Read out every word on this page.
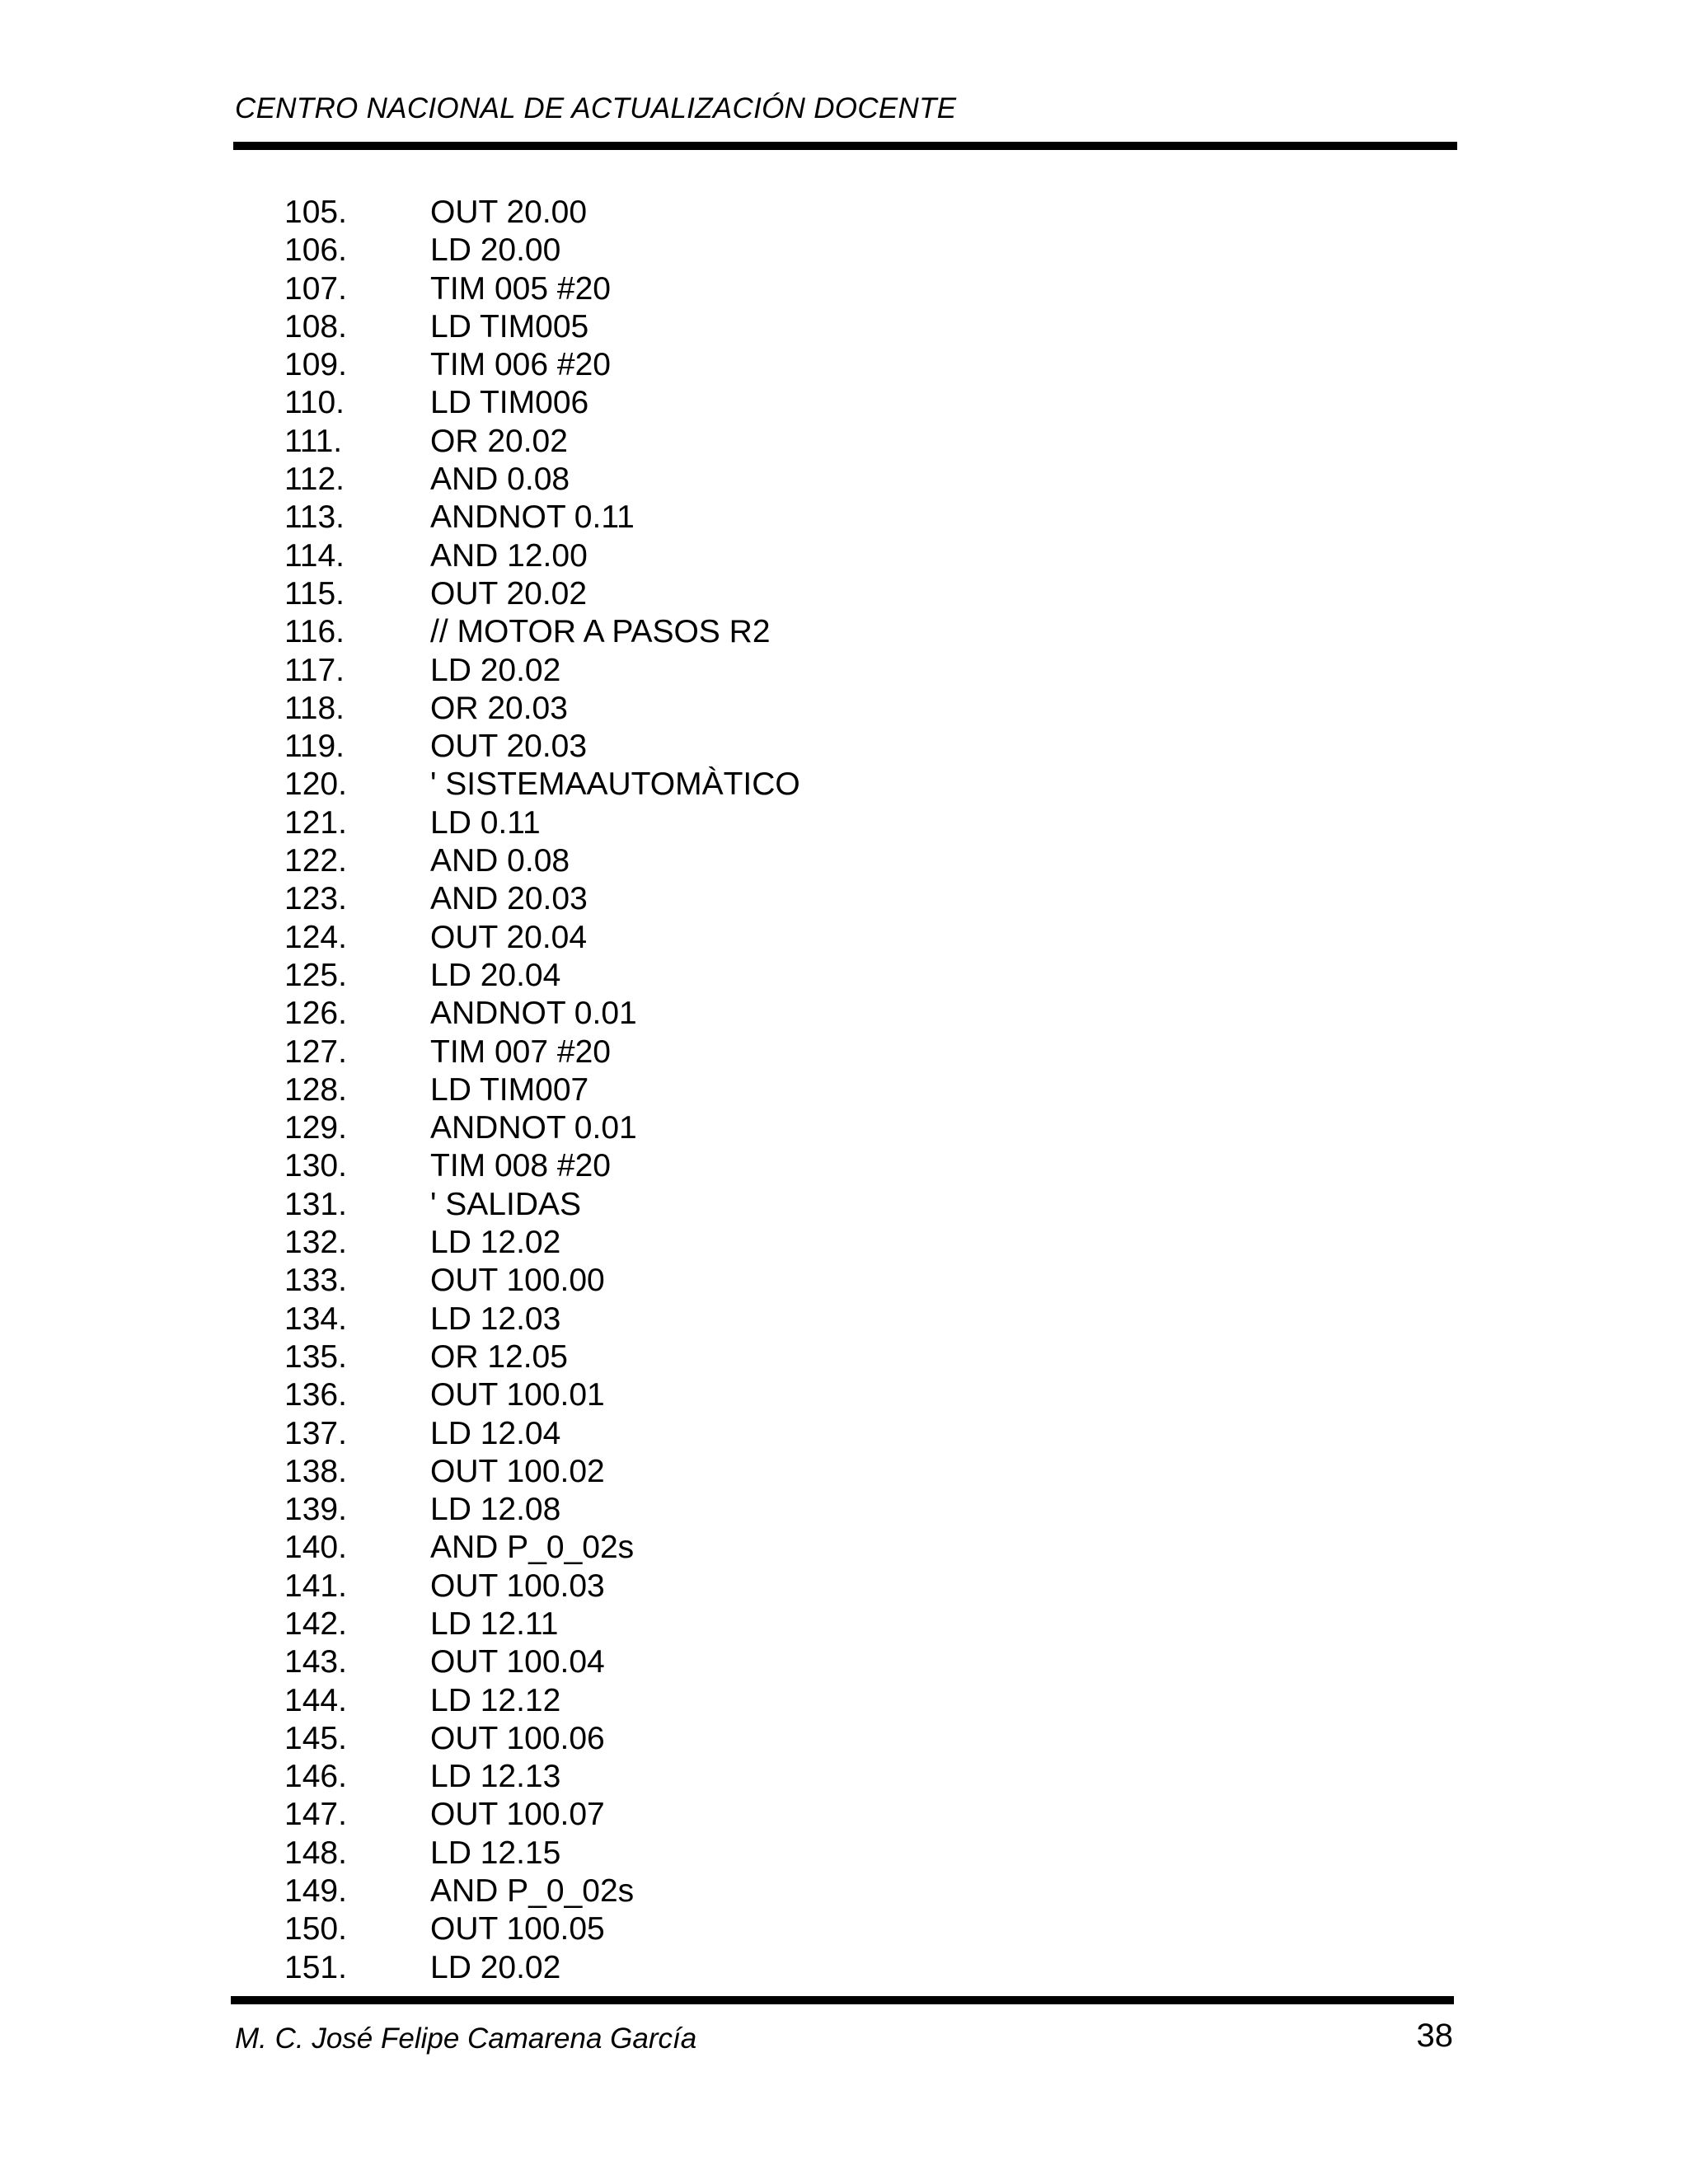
CENTRO NACIONAL DE ACTUALIZACIÓN DOCENTE
105.	OUT 20.00
106.	LD 20.00
107.	TIM 005 #20
108.	LD TIM005
109.	TIM 006 #20
110.	LD TIM006
111.	OR 20.02
112.	AND 0.08
113.	ANDNOT 0.11
114.	AND 12.00
115.	OUT 20.02
116.	// MOTOR A PASOS R2
117.	LD 20.02
118.	OR 20.03
119.	OUT 20.03
120.	' SISTEMAAUTOMÀTICO
121.	LD 0.11
122.	AND 0.08
123.	AND 20.03
124.	OUT 20.04
125.	LD 20.04
126.	ANDNOT 0.01
127.	TIM 007 #20
128.	LD TIM007
129.	ANDNOT 0.01
130.	TIM 008 #20
131.	' SALIDAS
132.	LD 12.02
133.	OUT 100.00
134.	LD 12.03
135.	OR 12.05
136.	OUT 100.01
137.	LD 12.04
138.	OUT 100.02
139.	LD 12.08
140.	AND P_0_02s
141.	OUT 100.03
142.	LD 12.11
143.	OUT 100.04
144.	LD 12.12
145.	OUT 100.06
146.	LD 12.13
147.	OUT 100.07
148.	LD 12.15
149.	AND P_0_02s
150.	OUT 100.05
151.	LD 20.02
M. C. José Felipe Camarena García	38
